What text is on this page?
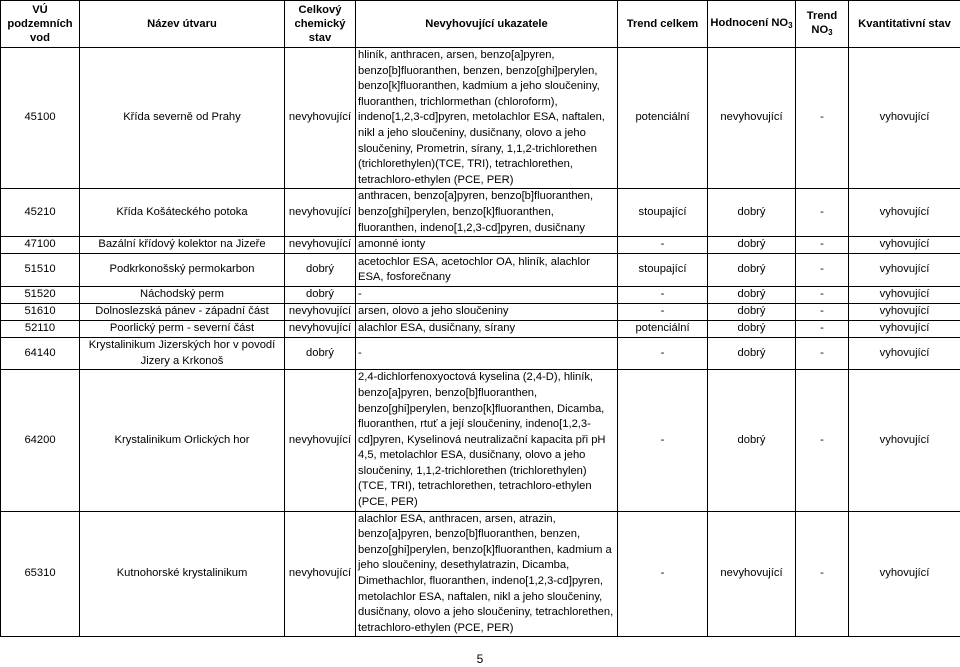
VÚ podzemních vod	Název útvaru	Celkový chemický stav	Nevyhovující ukazatele	Trend celkem	Hodnocení $NO_3$	Trend $NO_3$	Kvantitativní stav
45100	Křída severně od Prahy	nevyhovující	hliník, anthracen, arsen, benzo[a]pyren, benzo[b]fluoranthen, benzen, benzo[ghi]perylen, benzo[k]fluoranthen, kadmium a jeho sloučeniny, fluoranthen, trichlormethan (chloroform), indeno[1,2,3-cd]pyren, metolachlor ESA, naftalen, nikl a jeho sloučeniny, dusičnany, olovo a jeho sloučeniny, Prometrin, sírany, 1,1,2-trichlorethen (trichlorethylen)(TCE, TRI), tetrachlorethen, tetrachloro-ethylen (PCE, PER)	potenciální	nevyhovující	-	vyhovující
45210	Křída Košáteckého potoka	nevyhovující	anthracen, benzo[a]pyren, benzo[b]fluoranthen, benzo[ghi]perylen, benzo[k]fluoranthen, fluoranthen, indeno[1,2,3-cd]pyren, dusičnany	stoupající	dobrý	-	vyhovující
47100	Bazální křídový kolektor na Jizeře	nevyhovující	amonné ionty	-	dobrý	-	vyhovující
51510	Podkrkonošský permokarbon	dobrý	acetochlor ESA, acetochlor OA, hliník, alachlor ESA, fosforečnany	stoupající	dobrý	-	vyhovující
51520	Náchodský perm	dobrý	-	-	dobrý	-	vyhovující
51610	Dolnoslezská pánev - západní část	nevyhovující	arsen, olovo a jeho sloučeniny	-	dobrý	-	vyhovující
52110	Poorlický perm - severní část	nevyhovující	alachlor ESA, dusičnany, sírany	potenciální	dobrý	-	vyhovující
64140	Krystalinikum Jizerských hor v povodí Jizery a Krkonoš	dobrý	-	-	dobrý	-	vyhovující
64200	Krystalinikum Orlických hor	nevyhovující	2,4-dichlorfenoxyoctová kyselina (2,4-D), hliník, benzo[a]pyren, benzo[b]fluoranthen, benzo[ghi]perylen, benzo[k]fluoranthen, Dicamba, fluoranthen, rtuť a její sloučeniny, indeno[1,2,3-cd]pyren, Kyselinová neutralizační kapacita při pH 4,5, metolachlor ESA, dusičnany, olovo a jeho sloučeniny, 1,1,2-trichlorethen (trichlorethylen)(TCE, TRI), tetrachlorethen, tetrachloro-ethylen (PCE, PER)	-	dobrý	-	vyhovující
65310	Kutnohorské krystalinikum	nevyhovující	alachlor ESA, anthracen, arsen, atrazin, benzo[a]pyren, benzo[b]fluoranthen, benzen, benzo[ghi]perylen, benzo[k]fluoranthen, kadmium a jeho sloučeniny, desethylatrazin, Dicamba, Dimethachlor, fluoranthen, indeno[1,2,3-cd]pyren, metolachlor ESA, naftalen, nikl a jeho sloučeniny, dusičnany, olovo a jeho sloučeniny, tetrachlorethen, tetrachloro-ethylen (PCE, PER)	-	nevyhovující	-	vyhovující
5
